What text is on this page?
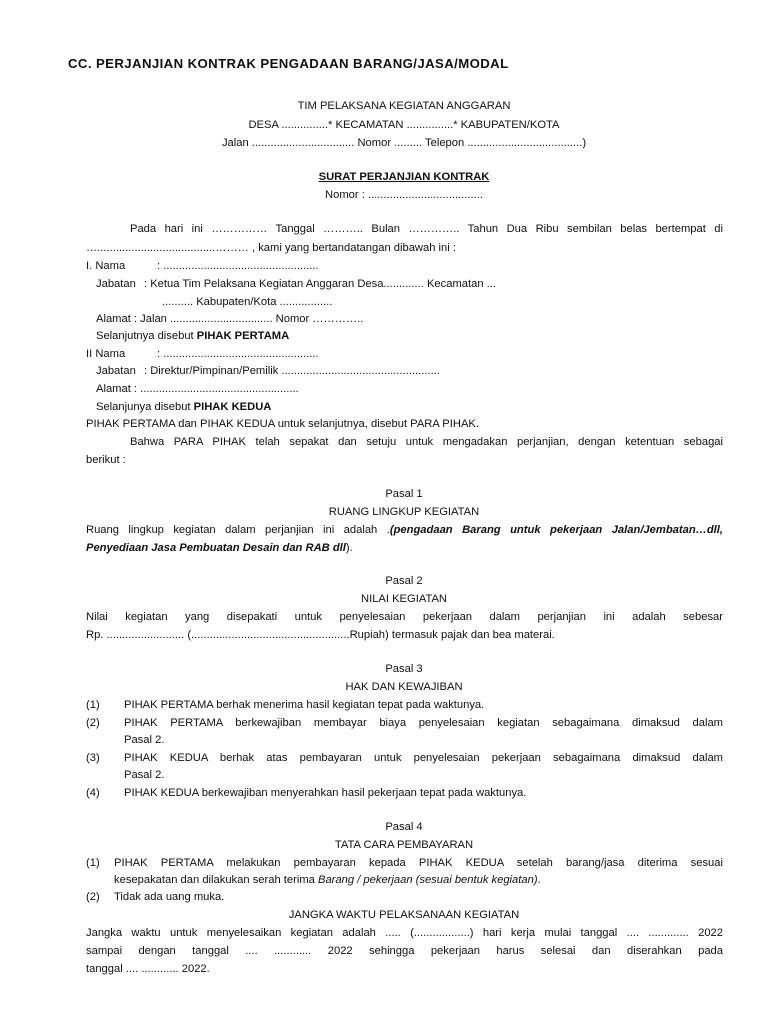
CC. PERJANJIAN KONTRAK PENGADAAN BARANG/JASA/MODAL
TIM PELAKSANA KEGIATAN ANGGARAN
DESA ...............* KECAMATAN ...............* KABUPATEN/KOTA
Jalan ................................. Nomor ......... Telepon .....................................)
SURAT PERJANJIAN KONTRAK
Nomor : .....................................
Pada hari ini …………… Tanggal ……….. Bulan ………….. Tahun Dua Ribu sembilan belas bertempat di
…......................................……… , kami yang bertandatangan dibawah ini :
I. Nama	: ..................................................
Jabatan : Ketua Tim Pelaksana Kegiatan Anggaran Desa............. Kecamatan ...
.......... Kabupaten/Kota .................
Alamat : Jalan ................................. Nomor …………..
Selanjutnya disebut PIHAK PERTAMA
II Nama	: ..................................................
Jabatan : Direktur/Pimpinan/Pemilik ...................................................
Alamat : ...................................................
Selanjunya disebut PIHAK KEDUA
PIHAK PERTAMA dan PIHAK KEDUA untuk selanjutnya, disebut PARA PIHAK.
Bahwa PARA PIHAK telah sepakat dan setuju untuk mengadakan perjanjian, dengan ketentuan sebagai
berikut :
Pasal 1
RUANG LINGKUP KEGIATAN
Ruang lingkup kegiatan dalam perjanjian ini adalah .(pengadaan Barang untuk pekerjaan Jalan/Jembatan…dll,
Penyediaan Jasa Pembuatan Desain dan RAB dll).
Pasal 2
NILAI KEGIATAN
Nilai kegiatan yang disepakati untuk penyelesaian pekerjaan dalam perjanjian ini adalah sebesar
Rp. ......................... (...................................................Rupiah) termasuk pajak dan bea materai.
Pasal 3
HAK DAN KEWAJIBAN
(1) PIHAK PERTAMA berhak menerima hasil kegiatan tepat pada waktunya.
(2) PIHAK PERTAMA berkewajiban membayar biaya penyelesaian kegiatan sebagaimana dimaksud dalam
Pasal 2.
(3) PIHAK KEDUA berhak atas pembayaran untuk penyelesaian pekerjaan sebagaimana dimaksud dalam
Pasal 2.
(4) PIHAK KEDUA berkewajiban menyerahkan hasil pekerjaan tepat pada waktunya.
Pasal 4
TATA CARA PEMBAYARAN
(1) PIHAK PERTAMA melakukan pembayaran kepada PIHAK KEDUA setelah barang/jasa diterima sesuai
kesepakatan dan dilakukan serah terima Barang / pekerjaan (sesuai bentuk kegiatan).
(2) Tidak ada uang muka.
JANGKA WAKTU PELAKSANAAN KEGIATAN
Jangka waktu untuk menyelesaikan kegiatan adalah ..... (..................) hari kerja mulai tanggal .... ............. 2022
sampai dengan tanggal .... ............ 2022 sehingga pekerjaan harus selesai dan diserahkan pada
tanggal .... ............ 2022.
